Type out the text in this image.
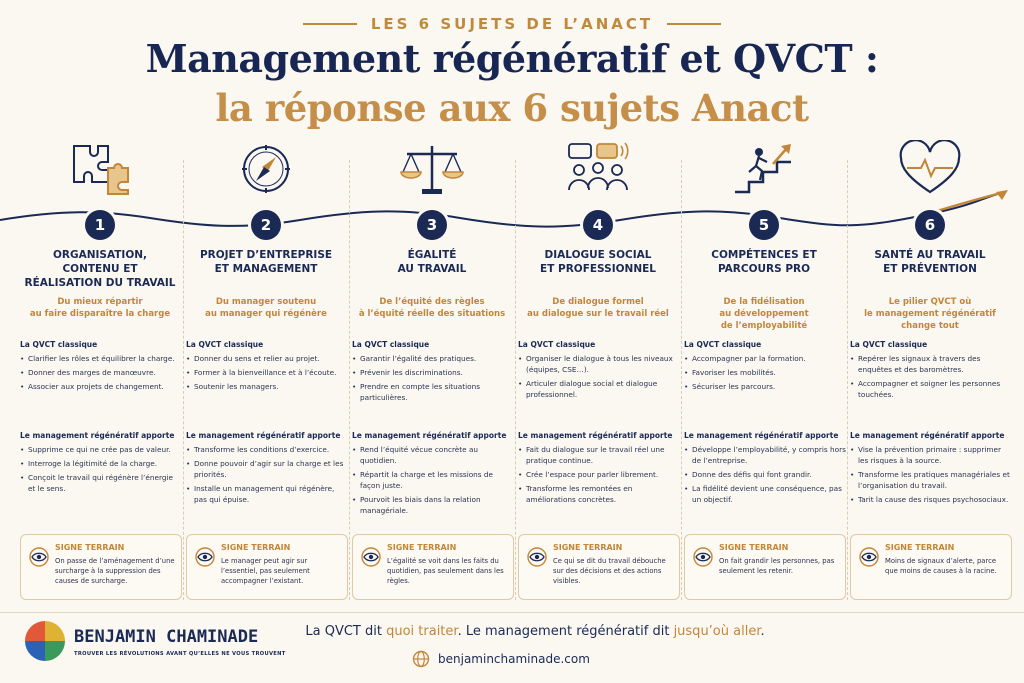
LES 6 SUJETS DE L’ANACT
Management régénératif et QVCT :
la réponse aux 6 sujets Anact
1
ORGANISATION,
CONTENU ET
RÉALISATION DU TRAVAIL
Du mieux répartir
au faire disparaître la charge
La QVCT classique
• Clarifier les rôles et équilibrer la charge.
• Donner des marges de manœuvre.
• Associer aux projets de changement.
Le management régénératif apporte
• Supprime ce qui ne crée pas de valeur.
• Interroge la légitimité de la charge.
• Conçoit le travail qui régénère l’énergie et le sens.
SIGNE TERRAIN
On passe de l’aménagement d’une surcharge à la suppression des causes de surcharge.
2
PROJET D’ENTREPRISE
ET MANAGEMENT
Du manager soutenu
au manager qui régénère
La QVCT classique
• Donner du sens et relier au projet.
• Former à la bienveillance et à l’écoute.
• Soutenir les managers.
Le management régénératif apporte
• Transforme les conditions d’exercice.
• Donne pouvoir d’agir sur la charge et les priorités.
• Installe un management qui régénère, pas qui épuise.
SIGNE TERRAIN
Le manager peut agir sur l’essentiel, pas seulement accompagner l’existant.
3
ÉGALITÉ
AU TRAVAIL
De l’équité des règles
à l’équité réelle des situations
La QVCT classique
• Garantir l’égalité des pratiques.
• Prévenir les discriminations.
• Prendre en compte les situations particulières.
Le management régénératif apporte
• Rend l’équité vécue concrète au quotidien.
• Répartit la charge et les missions de façon juste.
• Pourvoit les biais dans la relation managériale.
SIGNE TERRAIN
L’égalité se voit dans les faits du quotidien, pas seulement dans les règles.
4
DIALOGUE SOCIAL
ET PROFESSIONNEL
De dialogue formel
au dialogue sur le travail réel
La QVCT classique
• Organiser le dialogue à tous les niveaux (équipes, CSE…).
• Articuler dialogue social et dialogue professionnel.
Le management régénératif apporte
• Fait du dialogue sur le travail réel une pratique continue.
• Crée l’espace pour parler librement.
• Transforme les remontées en améliorations concrètes.
SIGNE TERRAIN
Ce qui se dit du travail débouche sur des décisions et des actions visibles.
5
COMPÉTENCES ET
PARCOURS PRO
De la fidélisation
au développement
de l’employabilité
La QVCT classique
• Accompagner par la formation.
• Favoriser les mobilités.
• Sécuriser les parcours.
Le management régénératif apporte
• Développe l’employabilité, y compris hors de l’entreprise.
• Donne des défis qui font grandir.
• La fidélité devient une conséquence, pas un objectif.
SIGNE TERRAIN
On fait grandir les personnes, pas seulement les retenir.
6
SANTÉ AU TRAVAIL
ET PRÉVENTION
Le pilier QVCT où
le management régénératif
change tout
La QVCT classique
• Repérer les signaux à travers des enquêtes et des baromètres.
• Accompagner et soigner les personnes touchées.
Le management régénératif apporte
• Vise la prévention primaire : supprimer les risques à la source.
• Transforme les pratiques managériales et l’organisation du travail.
• Tarit la cause des risques psychosociaux.
SIGNE TERRAIN
Moins de signaux d’alerte, parce que moins de causes à la racine.
BENJAMIN CHAMINADE
TROUVER LES RÉVOLUTIONS AVANT QU’ELLES NE VOUS TROUVENT
La QVCT dit quoi traiter. Le management régénératif dit jusqu’où aller.
benjaminchaminade.com
